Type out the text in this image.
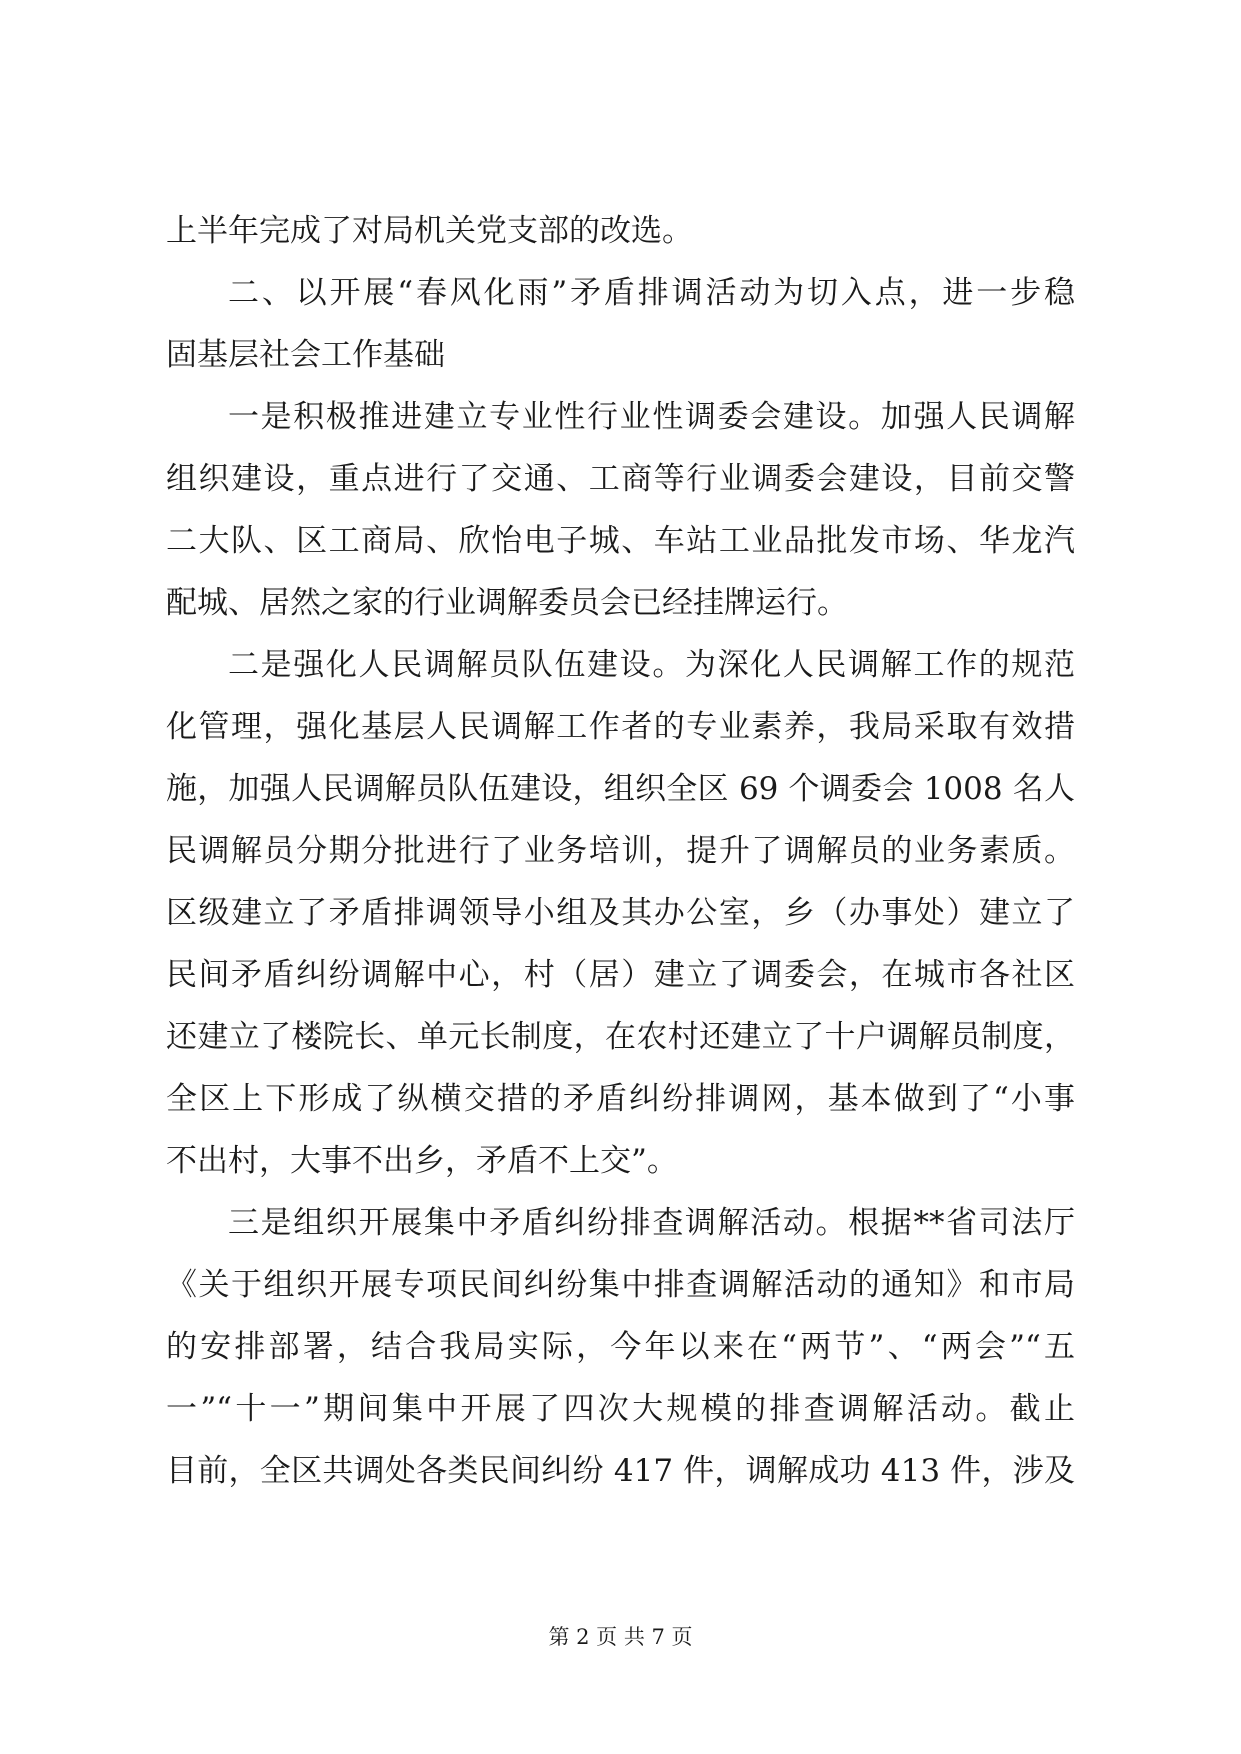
上半年完成了对局机关党支部的改选。
二、以开展“春风化雨”矛盾排调活动为切入点，进一步稳
固基层社会工作基础
一是积极推进建立专业性行业性调委会建设。加强人民调解
组织建设，重点进行了交通、工商等行业调委会建设，目前交警
二大队、区工商局、欣怡电子城、车站工业品批发市场、华龙汽
配城、居然之家的行业调解委员会已经挂牌运行。
二是强化人民调解员队伍建设。为深化人民调解工作的规范
化管理，强化基层人民调解工作者的专业素养，我局采取有效措
施，加强人民调解员队伍建设，组织全区 69 个调委会 1008 名人
民调解员分期分批进行了业务培训，提升了调解员的业务素质。
区级建立了矛盾排调领导小组及其办公室，乡（办事处）建立了
民间矛盾纠纷调解中心，村（居）建立了调委会，在城市各社区
还建立了楼院长、单元长制度，在农村还建立了十户调解员制度，
全区上下形成了纵横交措的矛盾纠纷排调网，基本做到了“小事
不出村，大事不出乡，矛盾不上交”。
三是组织开展集中矛盾纠纷排查调解活动。根据**省司法厅
《关于组织开展专项民间纠纷集中排查调解活动的通知》和市局
的安排部署，结合我局实际，今年以来在“两节”、“两会”“五
一”“十一”期间集中开展了四次大规模的排查调解活动。截止
目前，全区共调处各类民间纠纷 417 件，调解成功 413 件，涉及
第 2 页 共 7 页
